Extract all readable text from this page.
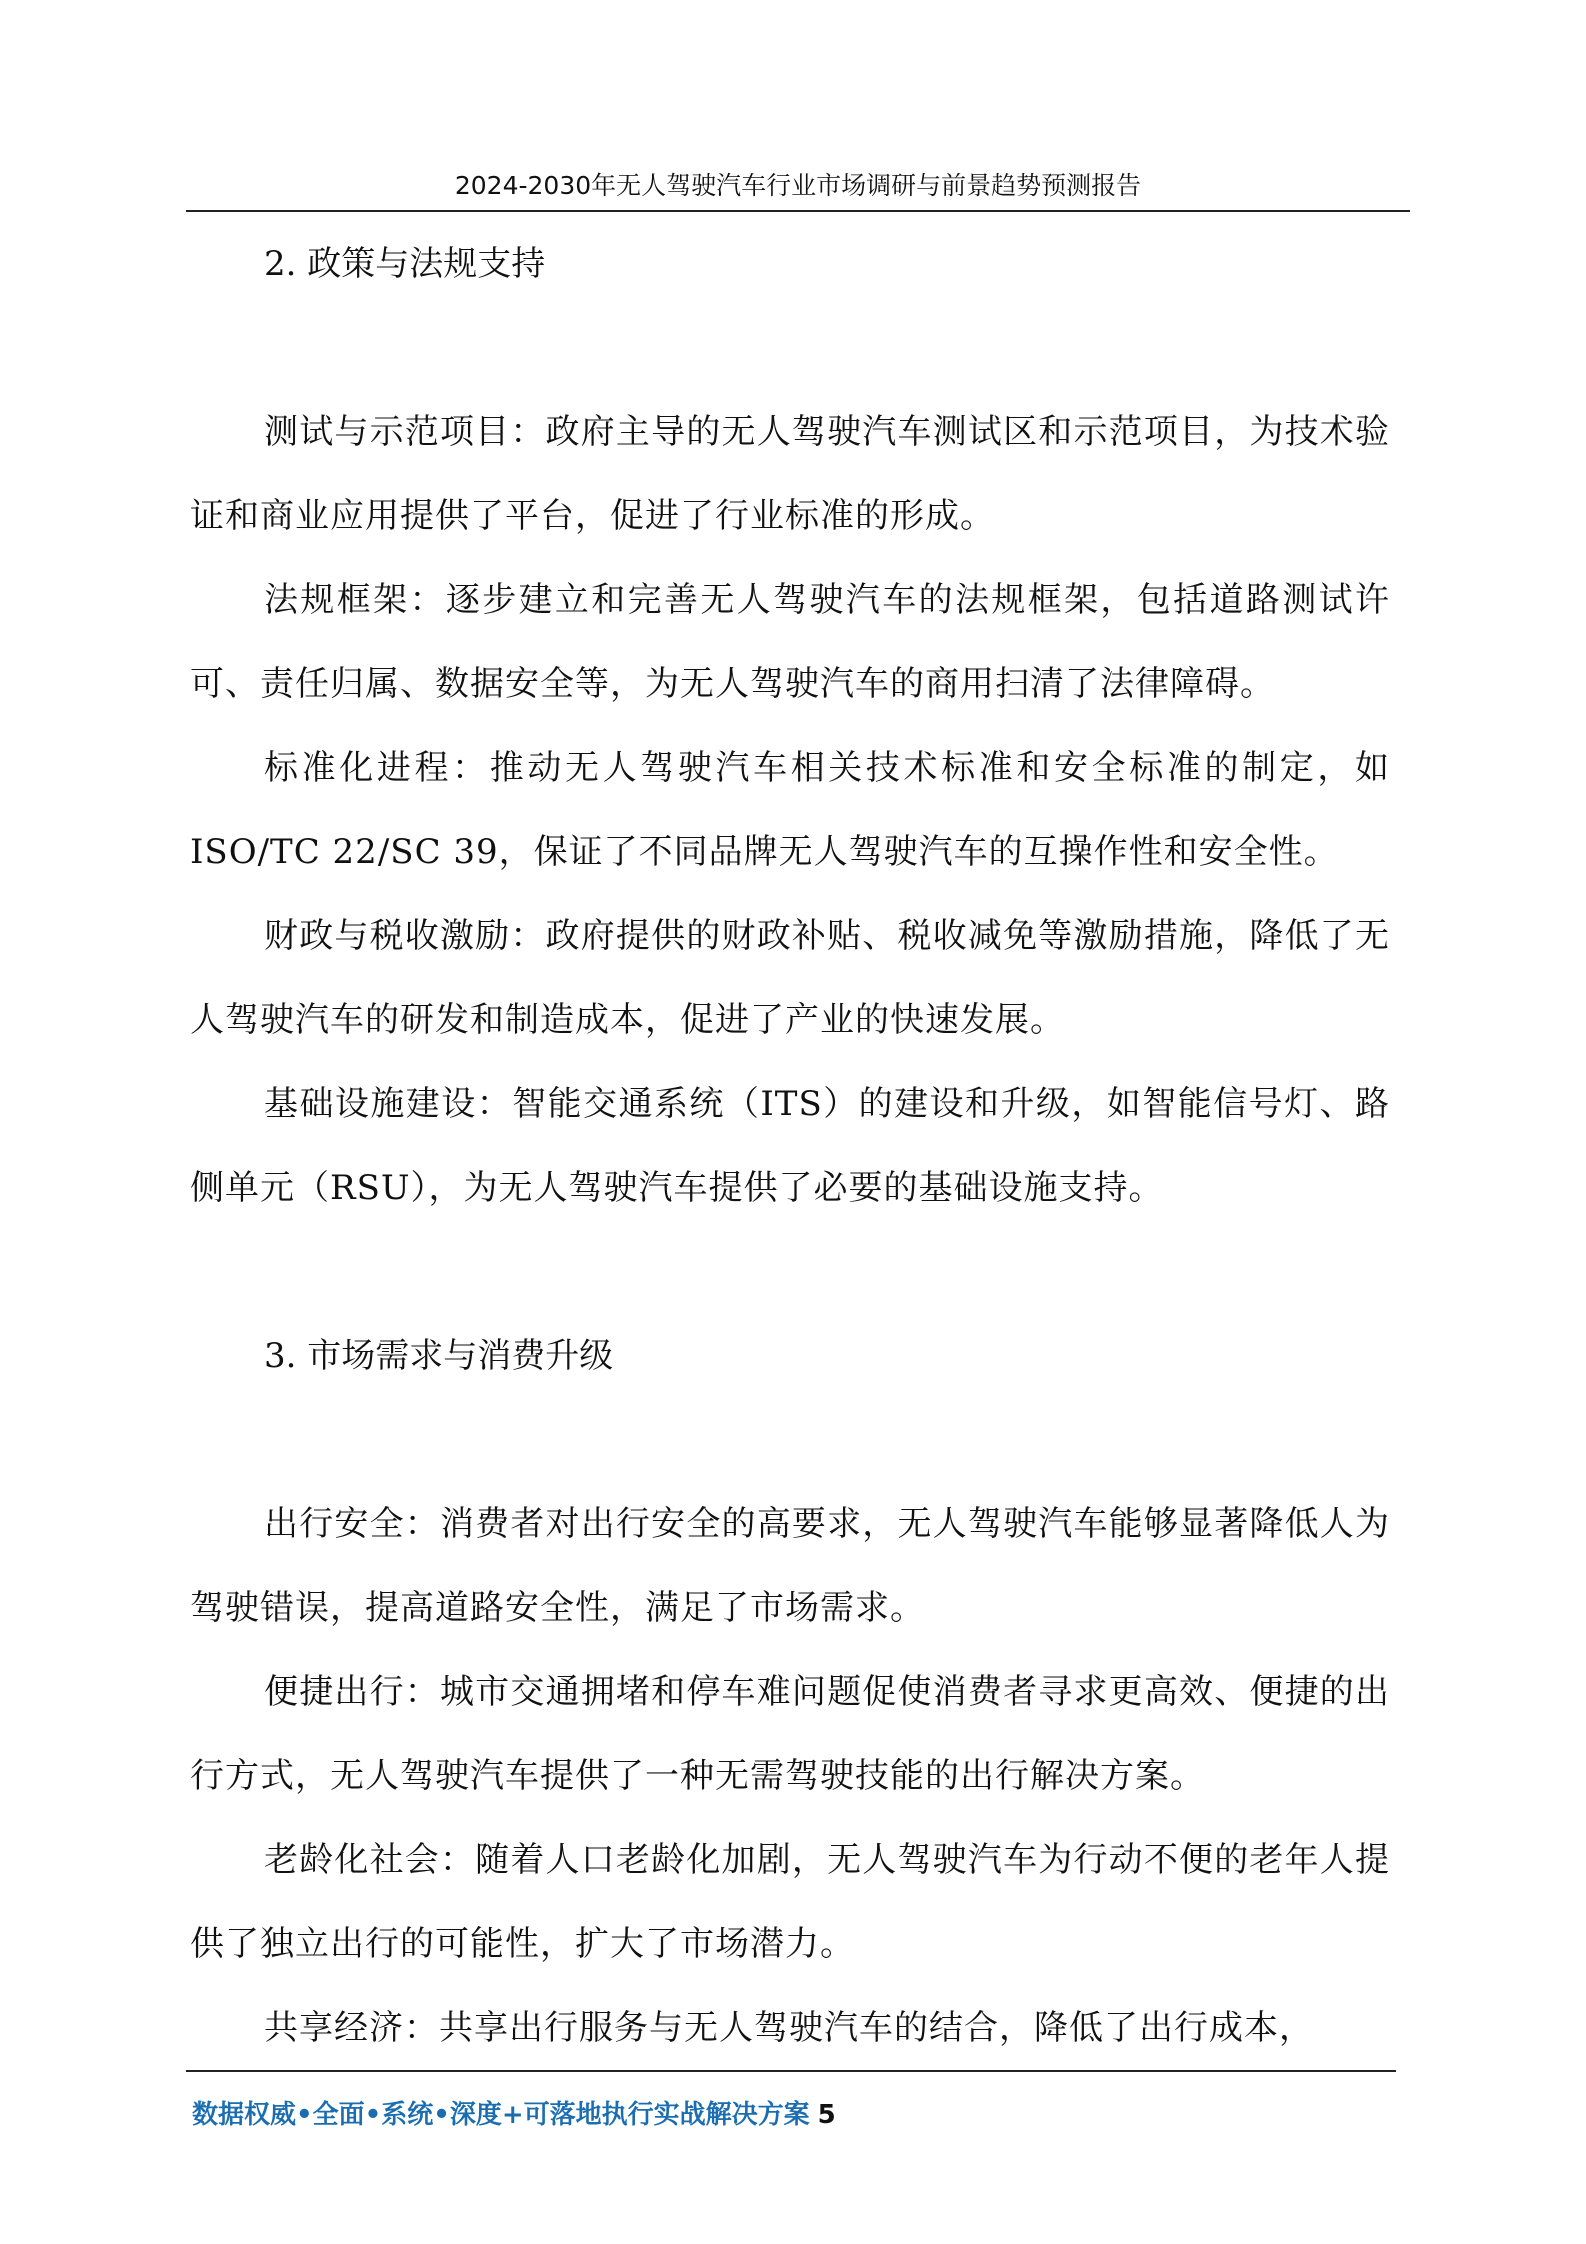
2024-2030年无人驾驶汽车行业市场调研与前景趋势预测报告

2. 政策与法规支持

测试与示范项目：政府主导的无人驾驶汽车测试区和示范项目，为技术验证和商业应用提供了平台，促进了行业标准的形成。

法规框架：逐步建立和完善无人驾驶汽车的法规框架，包括道路测试许可、责任归属、数据安全等，为无人驾驶汽车的商用扫清了法律障碍。

标准化进程：推动无人驾驶汽车相关技术标准和安全标准的制定，如ISO/TC 22/SC 39，保证了不同品牌无人驾驶汽车的互操作性和安全性。

财政与税收激励：政府提供的财政补贴、税收减免等激励措施，降低了无人驾驶汽车的研发和制造成本，促进了产业的快速发展。

基础设施建设：智能交通系统（ITS）的建设和升级，如智能信号灯、路侧单元（RSU），为无人驾驶汽车提供了必要的基础设施支持。

3. 市场需求与消费升级

出行安全：消费者对出行安全的高要求，无人驾驶汽车能够显著降低人为驾驶错误，提高道路安全性，满足了市场需求。

便捷出行：城市交通拥堵和停车难问题促使消费者寻求更高效、便捷的出行方式，无人驾驶汽车提供了一种无需驾驶技能的出行解决方案。

老龄化社会：随着人口老龄化加剧，无人驾驶汽车为行动不便的老年人提供了独立出行的可能性，扩大了市场潜力。

共享经济：共享出行服务与无人驾驶汽车的结合，降低了出行成本，

数据权威•全面•系统•深度+可落地执行实战解决方案 5
